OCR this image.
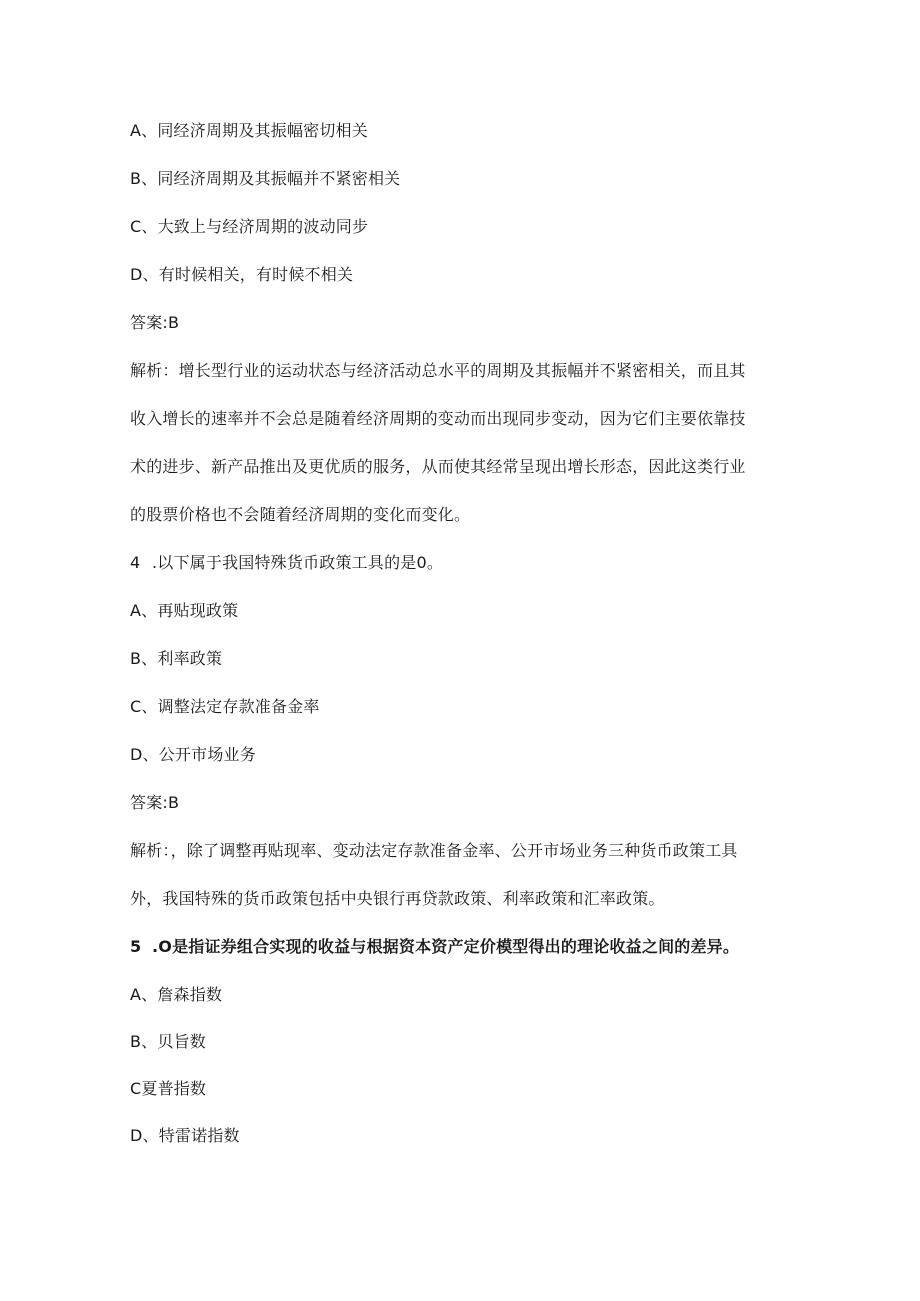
A、同经济周期及其振幅密切相关
B、同经济周期及其振幅并不紧密相关
C、大致上与经济周期的波动同步
D、有时候相关，有时候不相关
答案:B
解析：增长型行业的运动状态与经济活动总水平的周期及其振幅并不紧密相关，而且其
收入增长的速率并不会总是随着经济周期的变动而出现同步变动，因为它们主要依靠技
术的进步、新产品推出及更优质的服务，从而使其经常呈现出增长形态，因此这类行业
的股票价格也不会随着经济周期的变化而变化。
4 .以下属于我国特殊货币政策工具的是0。
A、再贴现政策
B、利率政策
C、调整法定存款准备金率
D、公开市场业务
答案:B
解析：，除了调整再贴现率、变动法定存款准备金率、公开市场业务三种货币政策工具
外，我国特殊的货币政策包括中央银行再贷款政策、利率政策和汇率政策。
5 .O是指证券组合实现的收益与根据资本资产定价模型得出的理论收益之间的差异。
A、詹森指数
B、贝旨数
C夏普指数
D、特雷诺指数
